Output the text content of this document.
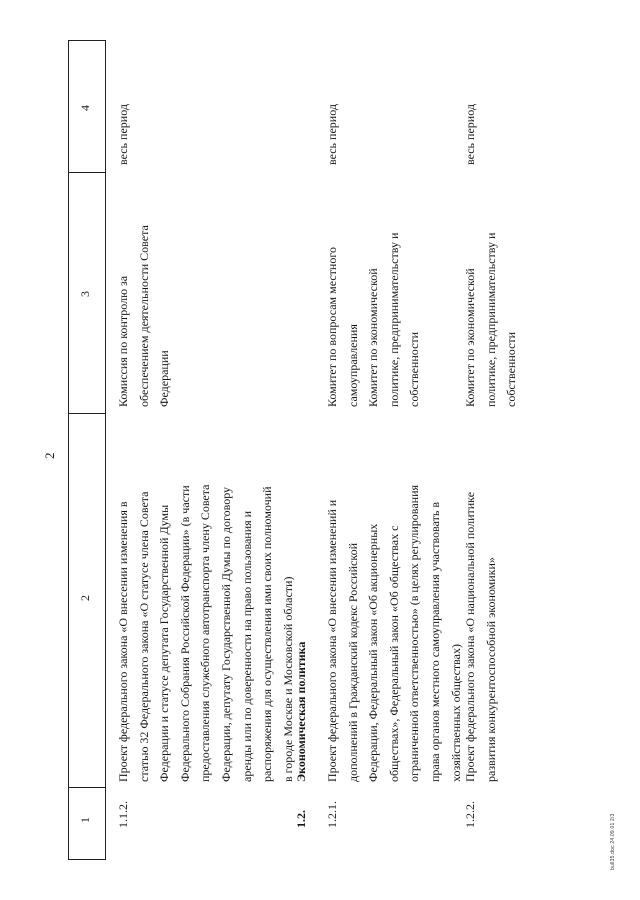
2
1
2
3
4
1.1.2.
Проект федерального закона «О внесении изменения в статью 32 Федерального закона «О статусе члена Совета Федерации и статусе депутата Государственной Думы Федерального Собрания Российской Федерации» (в части предоставления служебного автотранспорта члену Совета Федерации, депутату Государственной Думы по договору аренды или по доверенности на право пользования и распоряжения для осуществления ими своих полномочий в городе Москве и Московской области)
Комиссия по контролю за обеспечением деятельности Совета Федерации
весь период
1.2.
Экономическая политика
1.2.1.
Проект федерального закона «О внесении изменений и дополнений в Гражданский кодекс Российской Федерации, Федеральный закон «Об акционерных обществах», Федеральный закон «Об обществах с ограниченной ответственностью» (в целях регулирования права органов местного самоуправления участвовать в хозяйственных обществах)
Комитет по вопросам местного самоуправления Комитет по экономической политике, предпринимательству и собственности
весь период
1.2.2.
Проект федерального закона «О национальной политике развития конкурентоспособной экономики»
Комитет по экономической политике, предпринимательству и собственности
весь период
bull35.doc 24.09.01 2/3
